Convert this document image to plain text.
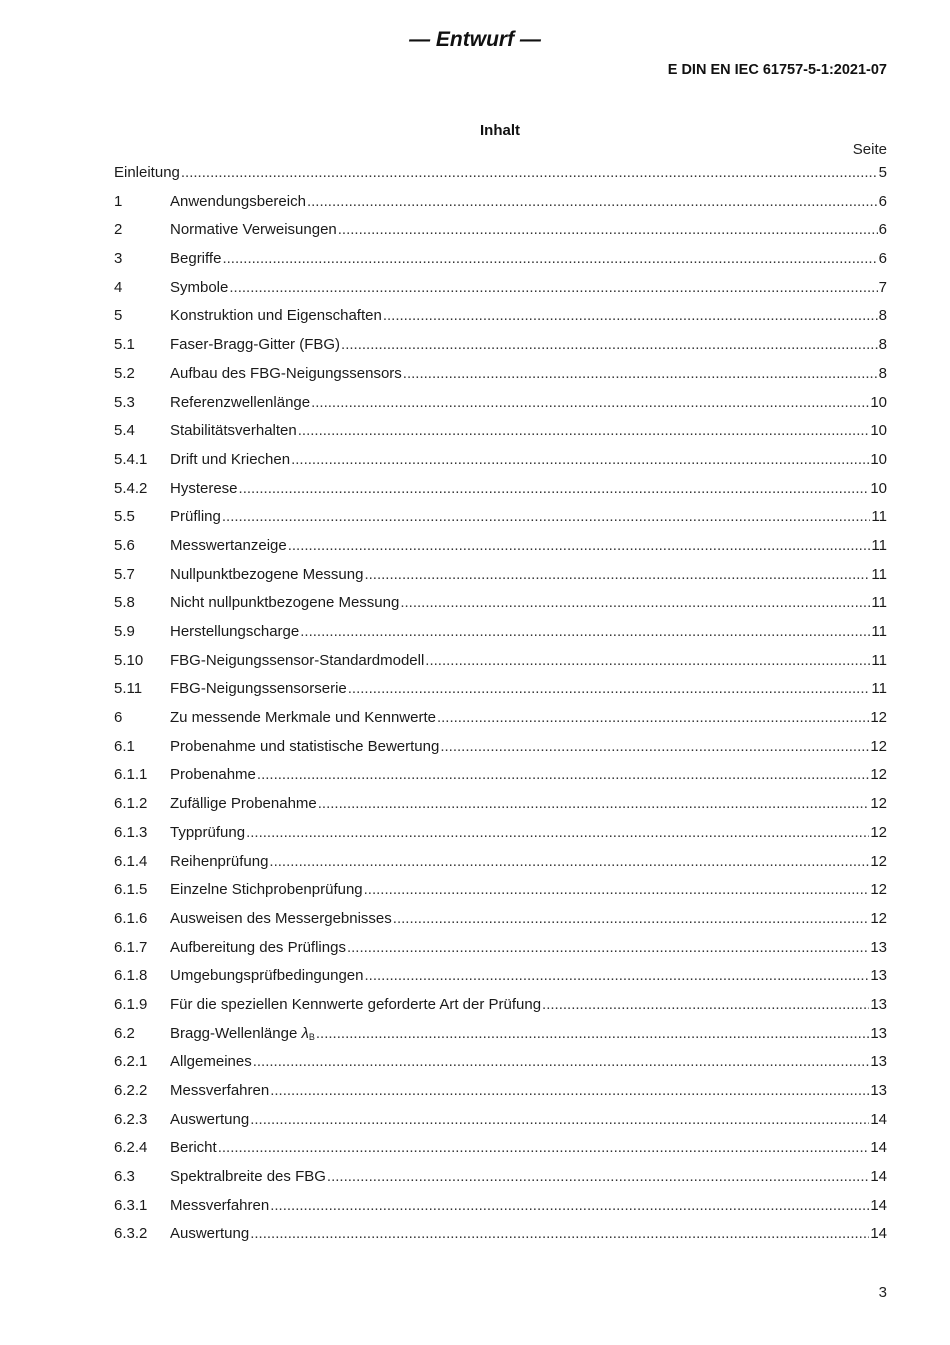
— Entwurf —
E DIN EN IEC 61757-5-1:2021-07
Inhalt
Seite
Einleitung .....	5
1	Anwendungsbereich .....	6
2	Normative Verweisungen .....	6
3	Begriffe .....	6
4	Symbole .....	7
5	Konstruktion und Eigenschaften .....	8
5.1	Faser-Bragg-Gitter (FBG) .....	8
5.2	Aufbau des FBG-Neigungssensors .....	8
5.3	Referenzwellenlänge .....	10
5.4	Stabilitätsverhalten .....	10
5.4.1	Drift und Kriechen .....	10
5.4.2	Hysterese .....	10
5.5	Prüfling .....	11
5.6	Messwertanzeige .....	11
5.7	Nullpunktbezogene Messung .....	11
5.8	Nicht nullpunktbezogene Messung .....	11
5.9	Herstellungscharge .....	11
5.10	FBG-Neigungssensor-Standardmodell .....	11
5.11	FBG-Neigungssensorserie .....	11
6	Zu messende Merkmale und Kennwerte .....	12
6.1	Probenahme und statistische Bewertung .....	12
6.1.1	Probenahme .....	12
6.1.2	Zufällige Probenahme .....	12
6.1.3	Typprüfung .....	12
6.1.4	Reihenprüfung .....	12
6.1.5	Einzelne Stichprobenprüfung .....	12
6.1.6	Ausweisen des Messergebnisses .....	12
6.1.7	Aufbereitung des Prüflings .....	13
6.1.8	Umgebungsprüfbedingungen .....	13
6.1.9	Für die speziellen Kennwerte geforderte Art der Prüfung .....	13
6.2	Bragg-Wellenlänge $\lambda_B$ .....	13
6.2.1	Allgemeines .....	13
6.2.2	Messverfahren .....	13
6.2.3	Auswertung .....	14
6.2.4	Bericht .....	14
6.3	Spektralbreite des FBG .....	14
6.3.1	Messverfahren .....	14
6.3.2	Auswertung .....	14
3
